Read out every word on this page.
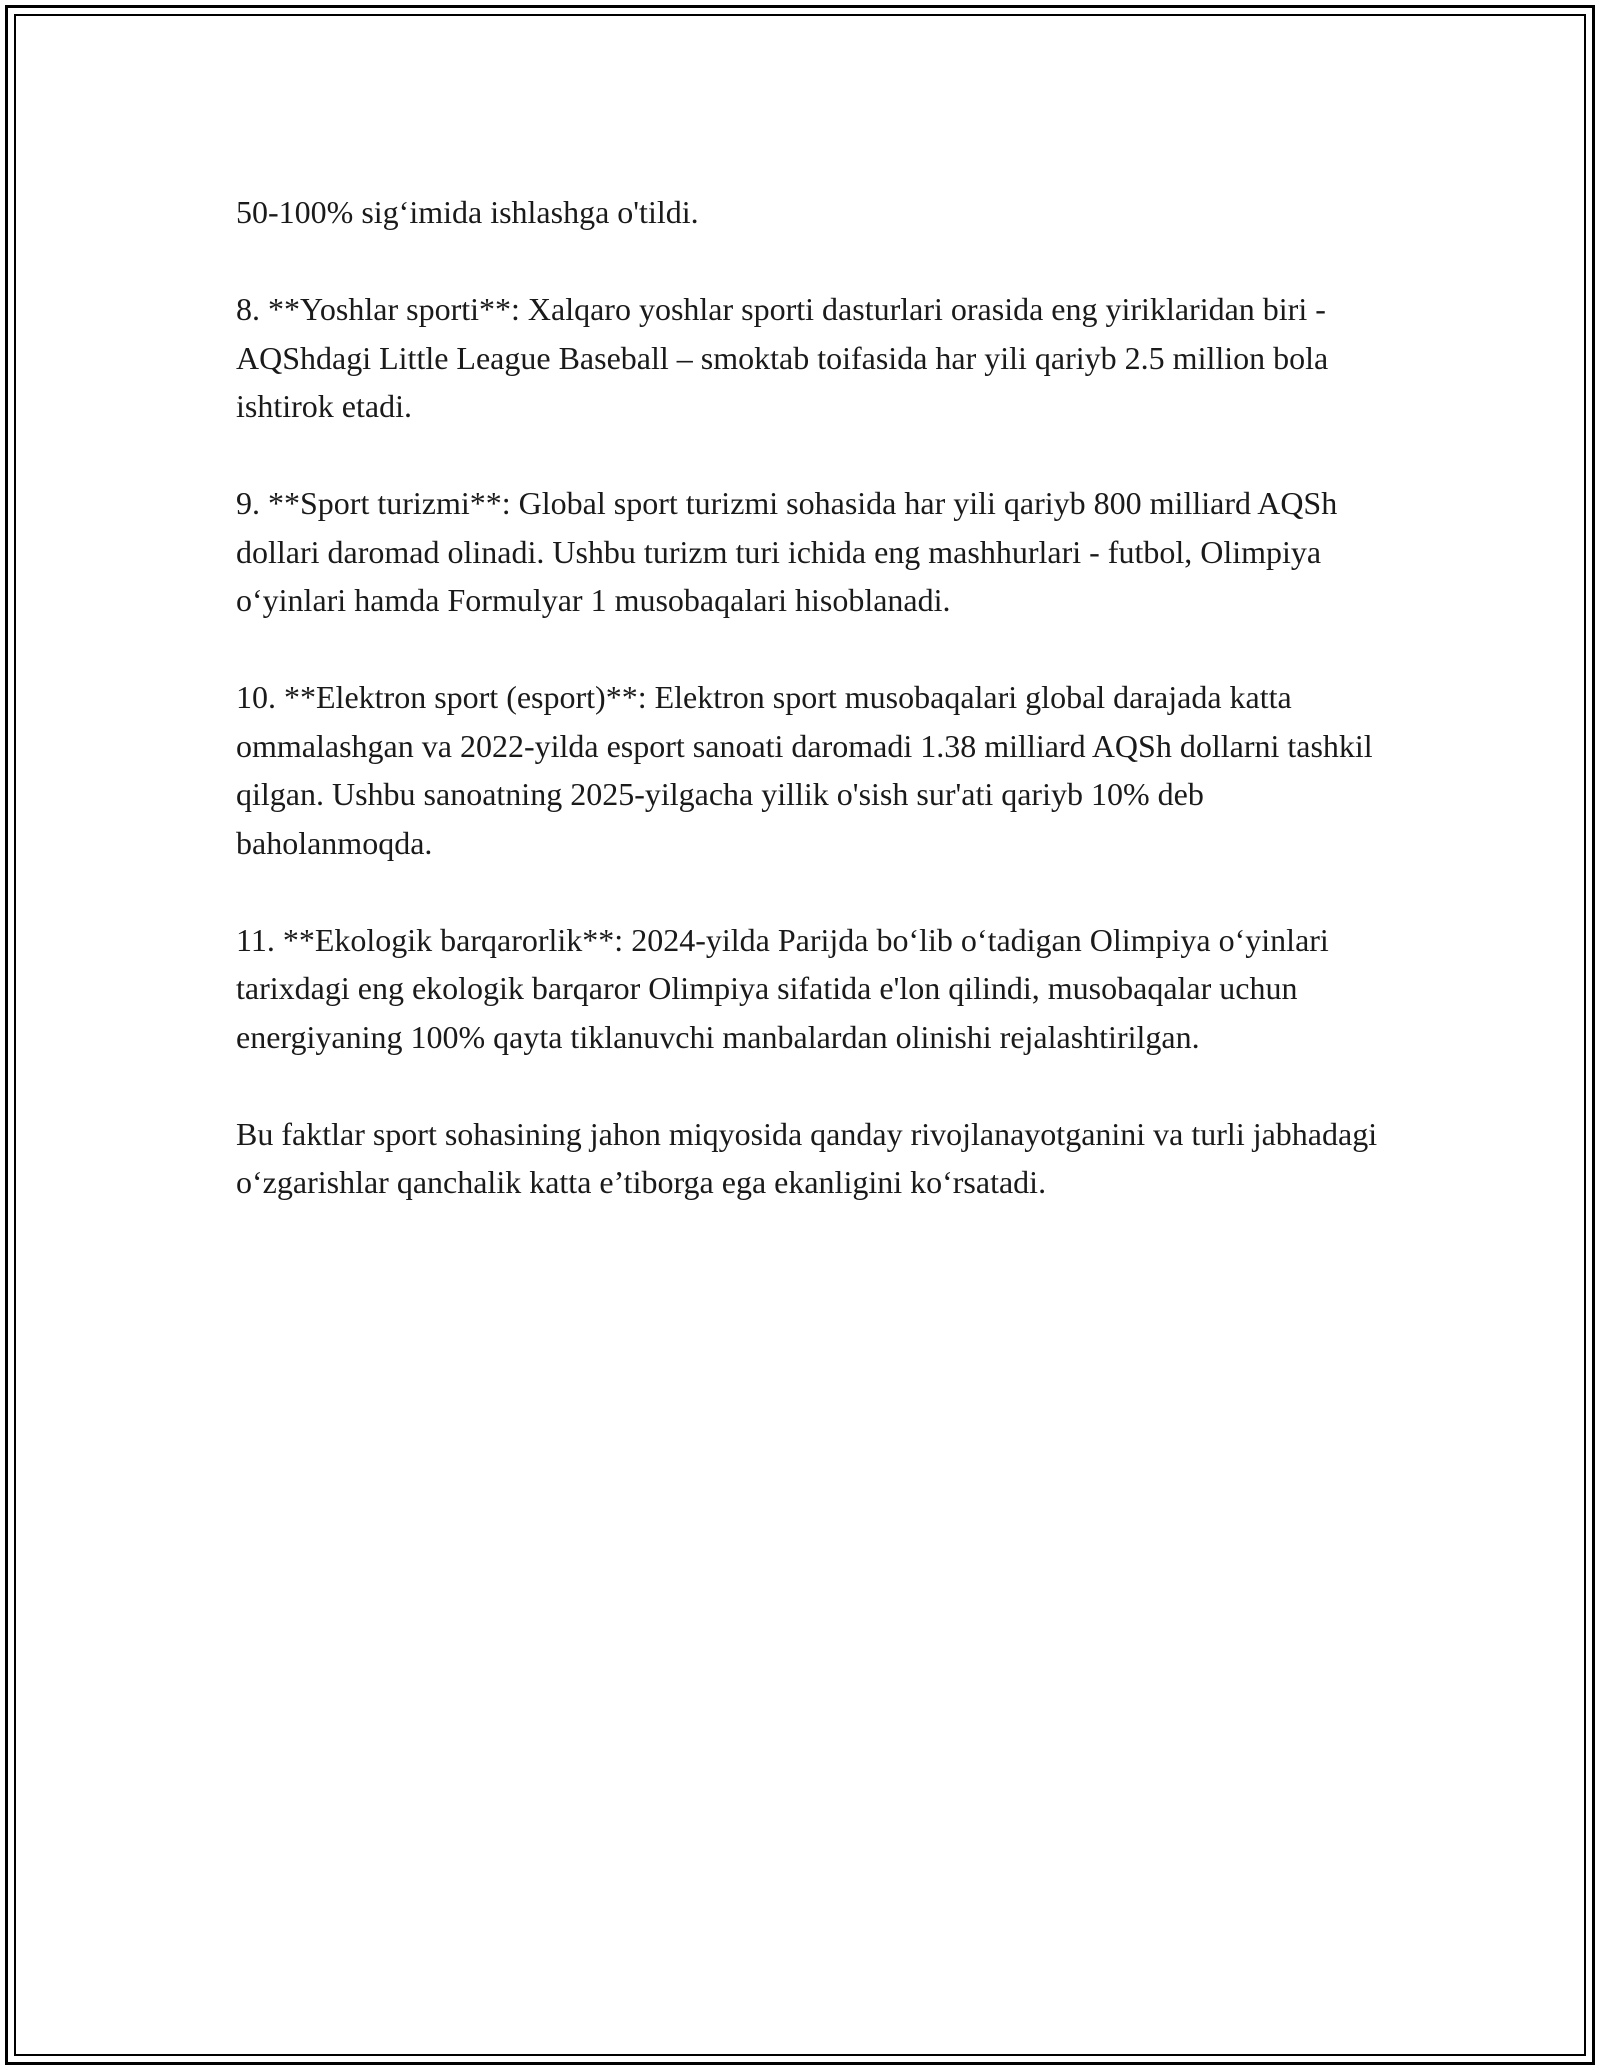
50-100% sig‘imida ishlashga o'tildi.

8. **Yoshlar sporti**: Xalqaro yoshlar sporti dasturlari orasida eng yiriklaridan biri - AQShdagi Little League Baseball – smoktab toifasida har yili qariyb 2.5 million bola ishtirok etadi.

9. **Sport turizmi**: Global sport turizmi sohasida har yili qariyb 800 milliard AQSh dollari daromad olinadi. Ushbu turizm turi ichida eng mashhurlari - futbol, Olimpiya o‘yinlari hamda Formulyar 1 musobaqalari hisoblanadi.

10. **Elektron sport (esport)**: Elektron sport musobaqalari global darajada katta ommalashgan va 2022-yilda esport sanoati daromadi 1.38 milliard AQSh dollarni tashkil qilgan. Ushbu sanoatning 2025-yilgacha yillik o'sish sur'ati qariyb 10% deb baholanmoqda.

11. **Ekologik barqarorlik**: 2024-yilda Parijda bo‘lib o‘tadigan Olimpiya o‘yinlari tarixdagi eng ekologik barqaror Olimpiya sifatida e'lon qilindi, musobaqalar uchun energiyaning 100% qayta tiklanuvchi manbalardan olinishi rejalashtirilgan.

Bu faktlar sport sohasining jahon miqyosida qanday rivojlanayotganini va turli jabhadagi o‘zgarishlar qanchalik katta e’tiborga ega ekanligini ko‘rsatadi.
